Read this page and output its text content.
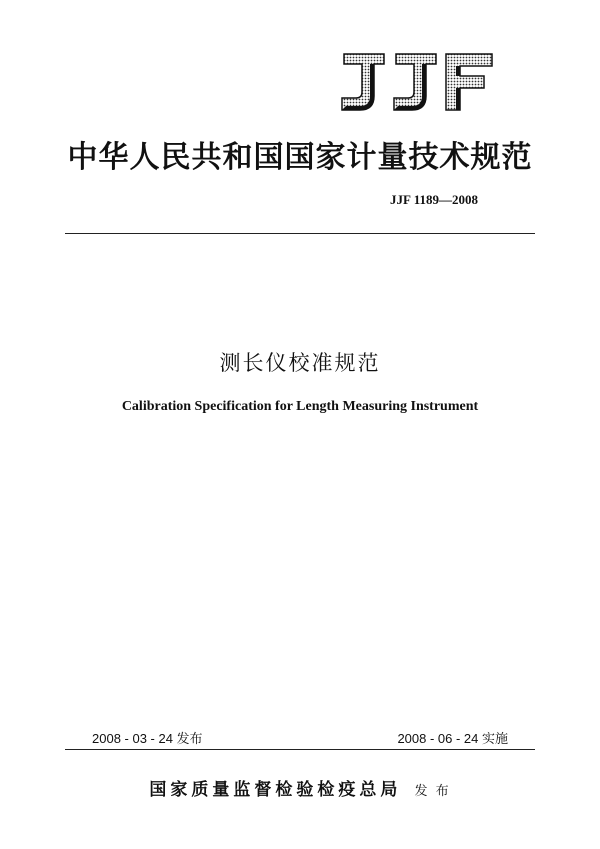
中华人民共和国国家计量技术规范
JJF 1189—2008
测长仪校准规范
Calibration Specification for Length Measuring Instrument
2008 - 03 - 24 发布	2008 - 06 - 24 实施
国家质量监督检验检疫总局 发 布
